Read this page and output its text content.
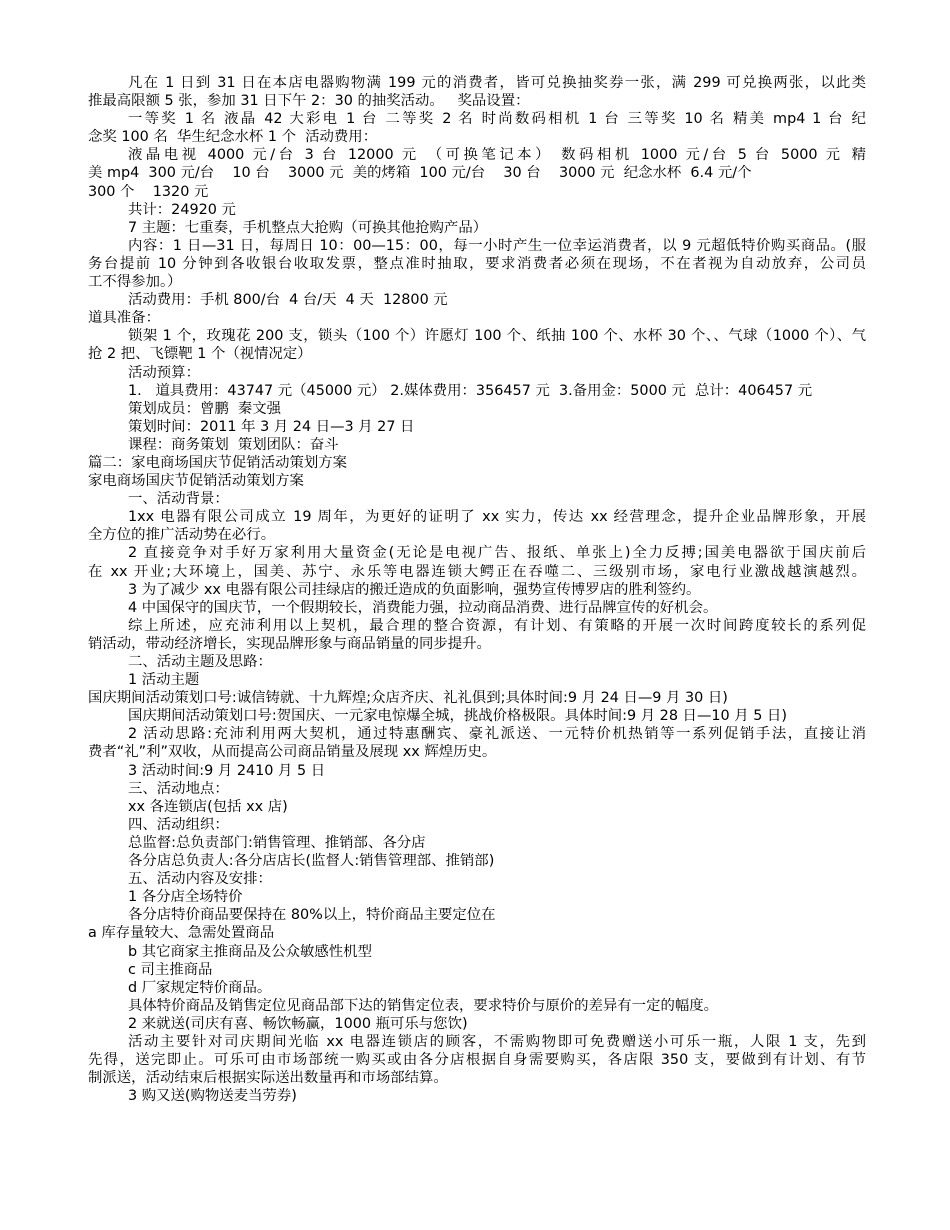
凡在 1 日到 31 日在本店电器购物满 199 元的消费者，皆可兑换抽奖券一张，满 299 可兑换两张，以此类
推最高限额 5 张，参加 31 日下午 2：30 的抽奖活动。   奖品设置：
一等奖 1 名 液晶 42 大彩电 1 台 二等奖 2 名 时尚数码相机 1 台 三等奖 10 名 精美 mp4 1 台 纪
念奖 100 名  华生纪念水杯 1 个  活动费用：
液晶电视 4000 元/台 3 台 12000 元 （可换笔记本） 数码相机 1000 元/台 5 台 5000 元 精
美 mp4  300 元/台    10 台    3000 元  美的烤箱  100 元/台    30 台    3000 元  纪念水杯  6.4 元/个
300 个    1320 元
共计：24920 元
7 主题：七重奏，手机整点大抢购（可换其他抢购产品）
内容：1 日—31 日，每周日 10：00—15：00，每一小时产生一位幸运消费者，以 9 元超低特价购买商品。(服
务台提前 10 分钟到各收银台收取发票，整点准时抽取，要求消费者必须在现场，不在者视为自动放弃，公司员
工不得参加。）
活动费用：手机 800/台  4 台/天  4 天  12800 元
道具准备：
锁架 1 个，玫瑰花 200 支，锁头（100 个）许愿灯 100 个、纸抽 100 个、水杯 30 个、、气球（1000 个）、气
抢 2 把、飞镖靶 1 个（视情况定）
活动预算：
1.   道具费用：43747 元（45000 元） 2.媒体费用：356457 元  3.备用金：5000 元  总计：406457 元
策划成员：曾鹏  秦文强
策划时间：2011 年 3 月 24 日—3 月 27 日
课程：商务策划  策划团队：奋斗
篇二：家电商场国庆节促销活动策划方案
家电商场国庆节促销活动策划方案
一、活动背景：
1xx 电器有限公司成立 19 周年，为更好的证明了 xx 实力，传达 xx 经营理念，提升企业品牌形象，开展
全方位的推广活动势在必行。
2 直接竞争对手好万家利用大量资金(无论是电视广告、报纸、单张上)全力反搏;国美电器欲于国庆前后
在 xx 开业;大环境上，国美、苏宁、永乐等电器连锁大鳄正在吞噬二、三级别市场，家电行业激战越演越烈。
3 为了减少 xx 电器有限公司挂绿店的搬迁造成的负面影响，强势宣传博罗店的胜利签约。
4 中国保守的国庆节，一个假期较长，消费能力强，拉动商品消费、进行品牌宣传的好机会。
综上所述，应充沛利用以上契机，最合理的整合资源，有计划、有策略的开展一次时间跨度较长的系列促
销活动，带动经济增长，实现品牌形象与商品销量的同步提升。
二、活动主题及思路：
1 活动主题
国庆期间活动策划口号:诚信铸就、十九辉煌;众店齐庆、礼礼俱到;具体时间:9 月 24 日—9 月 30 日)
国庆期间活动策划口号:贺国庆、一元家电惊爆全城，挑战价格极限。具体时间:9 月 28 日—10 月 5 日)
2 活动思路:充沛利用两大契机，通过特惠酬宾、豪礼派送、一元特价机热销等一系列促销手法，直接让消
费者“礼”利”双收，从而提高公司商品销量及展现 xx 辉煌历史。
3 活动时间:9 月 2410 月 5 日
三、活动地点：
xx 各连锁店(包括 xx 店)
四、活动组织：
总监督:总负责部门:销售管理、推销部、各分店
各分店总负责人:各分店店长(监督人:销售管理部、推销部)
五、活动内容及安排：
1 各分店全场特价
各分店特价商品要保持在 80%以上，特价商品主要定位在
a 库存量较大、急需处置商品
b 其它商家主推商品及公众敏感性机型
c 司主推商品
d 厂家规定特价商品。
具体特价商品及销售定位见商品部下达的销售定位表，要求特价与原价的差异有一定的幅度。
2 来就送(司庆有喜、畅饮畅赢，1000 瓶可乐与您饮)
活动主要针对司庆期间光临 xx 电器连锁店的顾客，不需购物即可免费赠送小可乐一瓶，人限 1 支，先到
先得，送完即止。可乐可由市场部统一购买或由各分店根据自身需要购买，各店限 350 支，要做到有计划、有节
制派送，活动结束后根据实际送出数量再和市场部结算。
3 购又送(购物送麦当劳券)
